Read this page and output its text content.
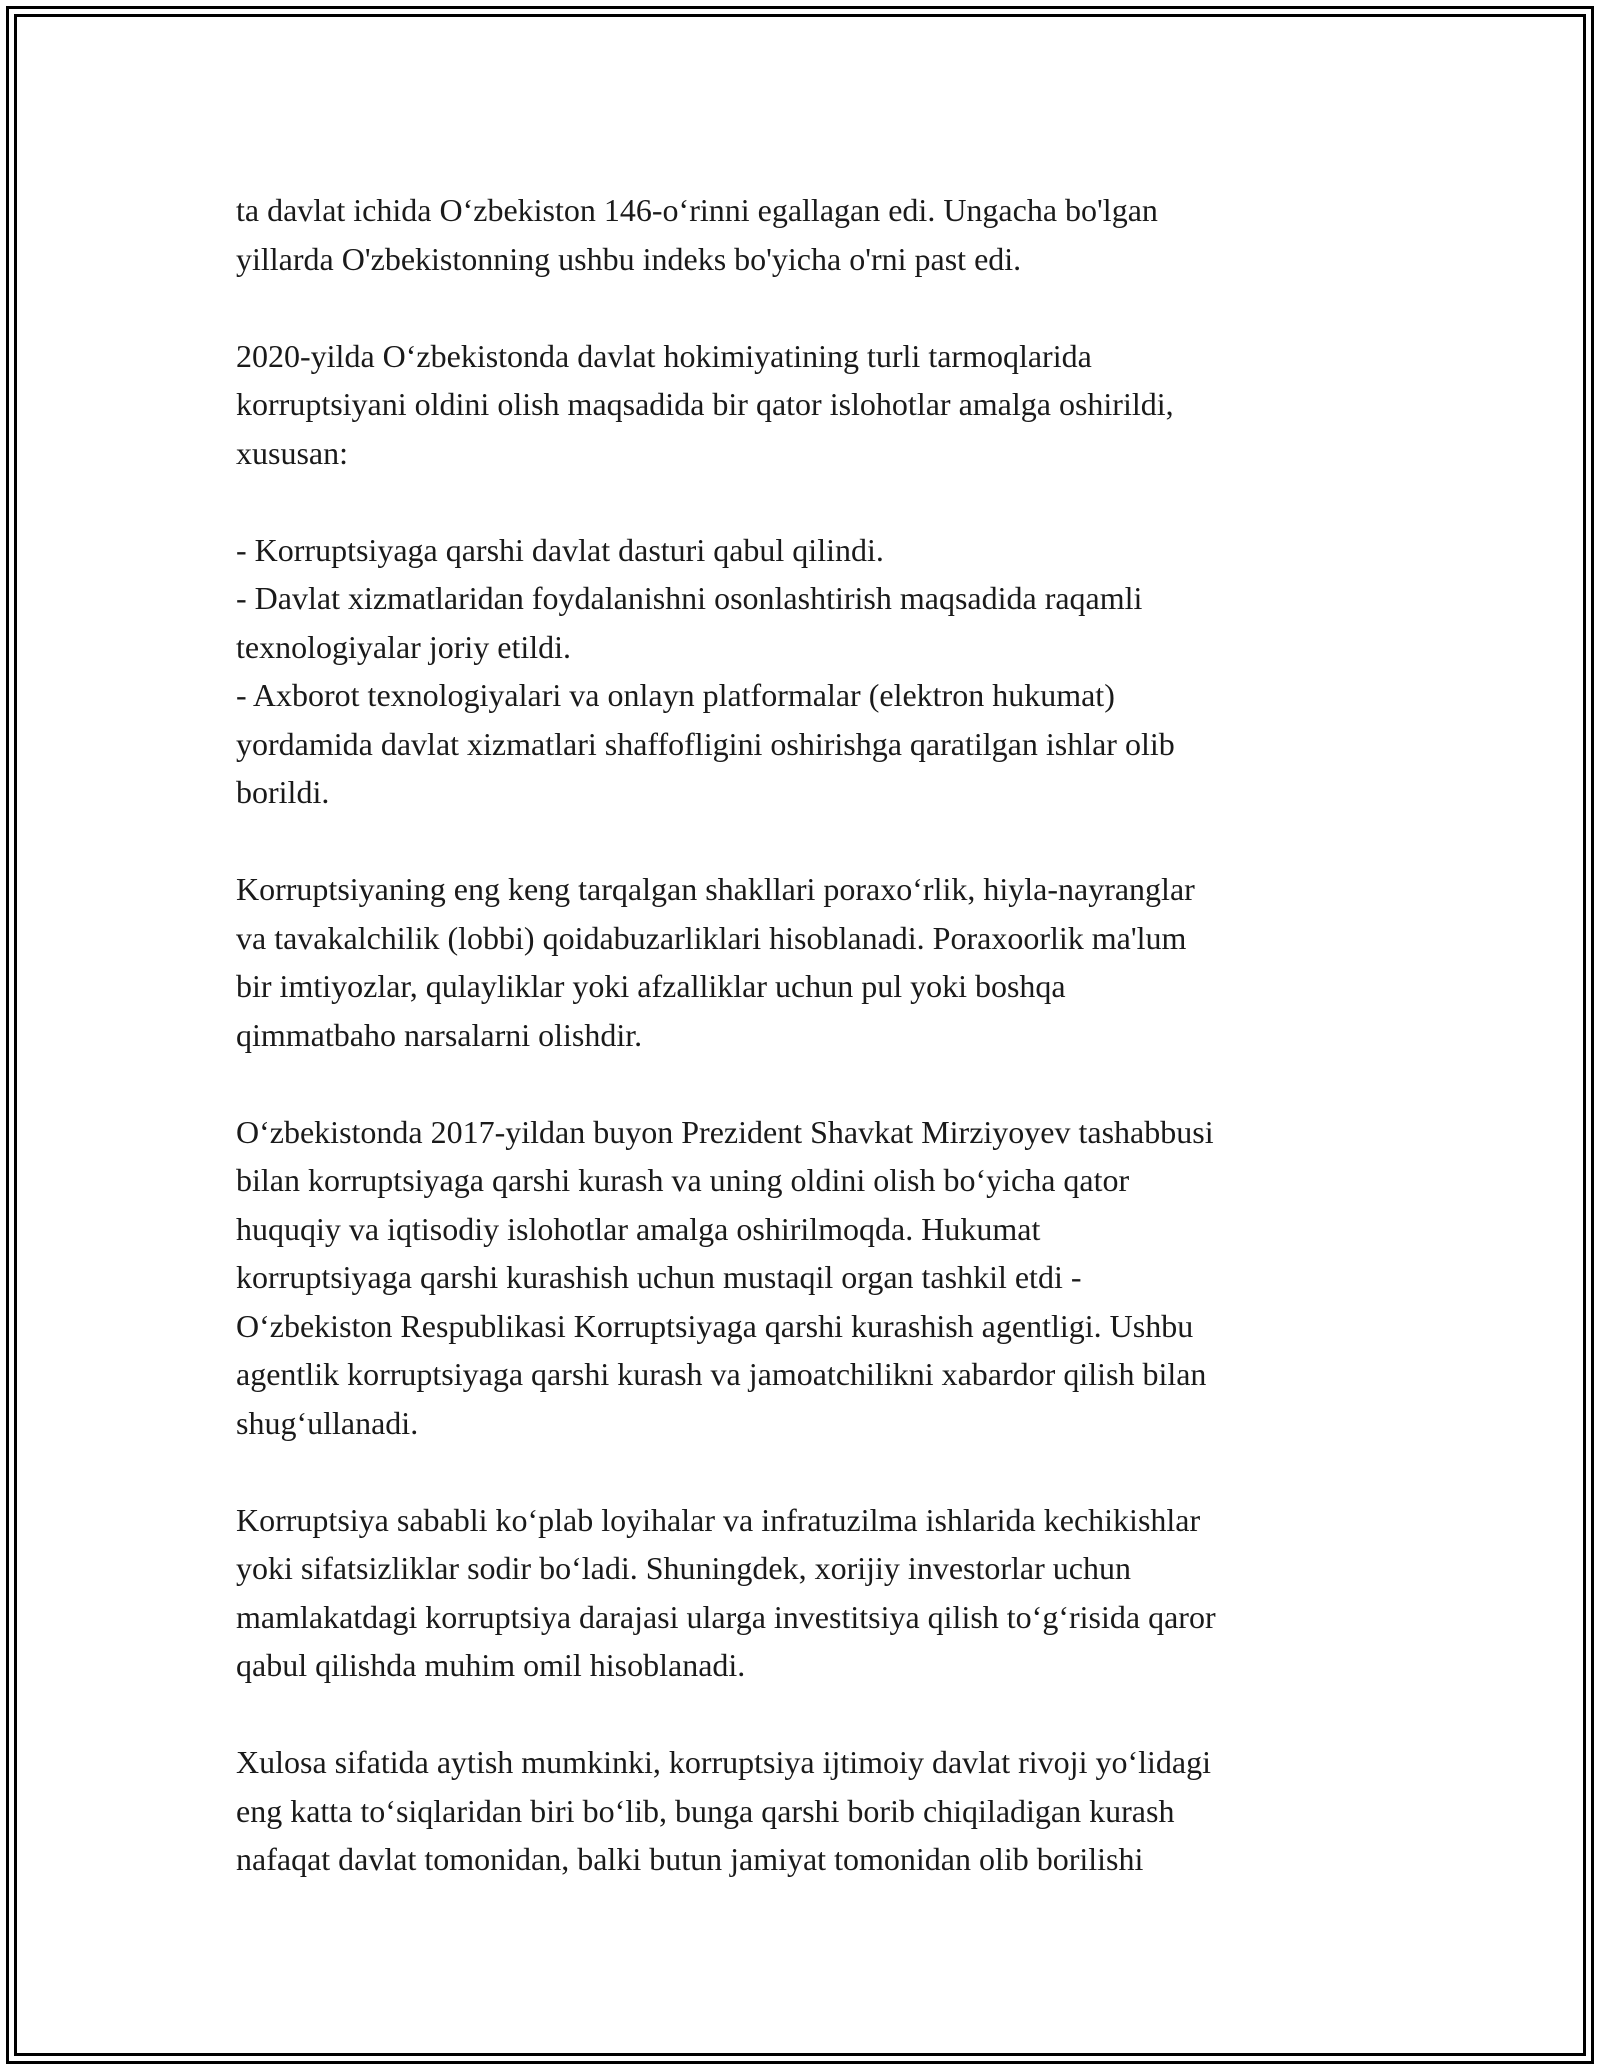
ta davlat ichida O‘zbekiston 146-o‘rinni egallagan edi. Ungacha bo'lgan
yillarda O'zbekistonning ushbu indeks bo'yicha o'rni past edi.
2020-yilda O‘zbekistonda davlat hokimiyatining turli tarmoqlarida
korruptsiyani oldini olish maqsadida bir qator islohotlar amalga oshirildi,
xususan:
- Korruptsiyaga qarshi davlat dasturi qabul qilindi.
- Davlat xizmatlaridan foydalanishni osonlashtirish maqsadida raqamli
texnologiyalar joriy etildi.
- Axborot texnologiyalari va onlayn platformalar (elektron hukumat)
yordamida davlat xizmatlari shaffofligini oshirishga qaratilgan ishlar olib
borildi.
Korruptsiyaning eng keng tarqalgan shakllari poraxo‘rlik, hiyla-nayranglar
va tavakalchilik (lobbi) qoidabuzarliklari hisoblanadi. Poraxoorlik ma'lum
bir imtiyozlar, qulayliklar yoki afzalliklar uchun pul yoki boshqa
qimmatbaho narsalarni olishdir.
O‘zbekistonda 2017-yildan buyon Prezident Shavkat Mirziyoyev tashabbusi
bilan korruptsiyaga qarshi kurash va uning oldini olish bo‘yicha qator
huquqiy va iqtisodiy islohotlar amalga oshirilmoqda. Hukumat
korruptsiyaga qarshi kurashish uchun mustaqil organ tashkil etdi -
O‘zbekiston Respublikasi Korruptsiyaga qarshi kurashish agentligi. Ushbu
agentlik korruptsiyaga qarshi kurash va jamoatchilikni xabardor qilish bilan
shug‘ullanadi.
Korruptsiya sababli ko‘plab loyihalar va infratuzilma ishlarida kechikishlar
yoki sifatsizliklar sodir bo‘ladi. Shuningdek, xorijiy investorlar uchun
mamlakatdagi korruptsiya darajasi ularga investitsiya qilish to‘g‘risida qaror
qabul qilishda muhim omil hisoblanadi.
Xulosa sifatida aytish mumkinki, korruptsiya ijtimoiy davlat rivoji yo‘lidagi
eng katta to‘siqlaridan biri bo‘lib, bunga qarshi borib chiqiladigan kurash
nafaqat davlat tomonidan, balki butun jamiyat tomonidan olib borilishi
